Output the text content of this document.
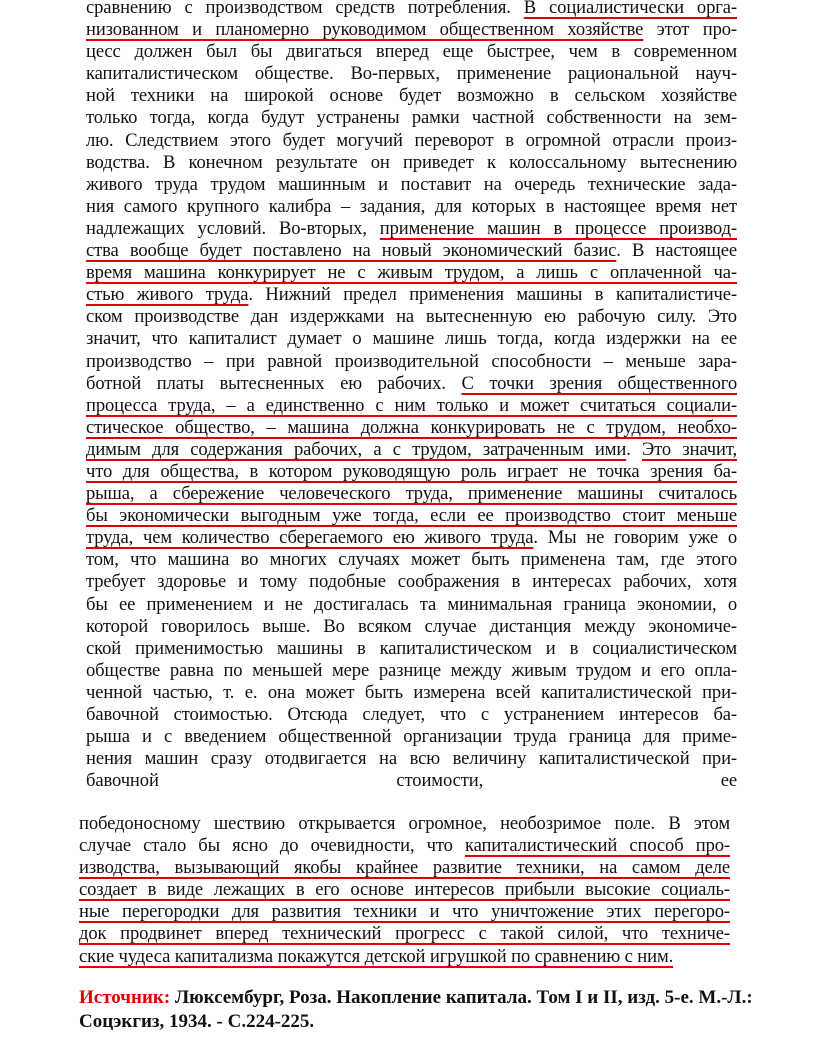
сравнению с производством средств потребления. В социалистически орга-
низованном и планомерно руководимом общественном хозяйстве этот про-
цесс должен был бы двигаться вперед еще быстрее, чем в современном
капиталистическом обществе. Во-первых, применение рациональной науч-
ной техники на широкой основе будет возможно в сельском хозяйстве
только тогда, когда будут устранены рамки частной собственности на зем-
лю. Следствием этого будет могучий переворот в огромной отрасли произ-
водства. В конечном результате он приведет к колоссальному вытеснению
живого труда трудом машинным и поставит на очередь технические зада-
ния самого крупного калибра – задания, для которых в настоящее время нет
надлежащих условий. Во-вторых, применение машин в процессе производ-
ства вообще будет поставлено на новый экономический базис. В настоящее
время машина конкурирует не с живым трудом, а лишь с оплаченной ча-
стью живого труда. Нижний предел применения машины в капиталистиче-
ском производстве дан издержками на вытесненную ею рабочую силу. Это
значит, что капиталист думает о машине лишь тогда, когда издержки на ее
производство – при равной производительной способности – меньше зара-
ботной платы вытесненных ею рабочих. С точки зрения общественного
процесса труда, – а единственно с ним только и может считаться социали-
стическое общество, – машина должна конкурировать не с трудом, необхо-
димым для содержания рабочих, а с трудом, затраченным ими. Это значит,
что для общества, в котором руководящую роль играет не точка зрения ба-
рыша, а сбережение человеческого труда, применение машины считалось
бы экономически выгодным уже тогда, если ее производство стоит меньше
труда, чем количество сберегаемого ею живого труда. Мы не говорим уже о
том, что машина во многих случаях может быть применена там, где этого
требует здоровье и тому подобные соображения в интересах рабочих, хотя
бы ее применением и не достигалась та минимальная граница экономии, о
которой говорилось выше. Во всяком случае дистанция между экономиче-
ской применимостью машины в капиталистическом и в социалистическом
обществе равна по меньшей мере разнице между живым трудом и его опла-
ченной частью, т. е. она может быть измерена всей капиталистической при-
бавочной стоимостью. Отсюда следует, что с устранением интересов ба-
рыша и с введением общественной организации труда граница для приме-
нения машин сразу отодвигается на всю величину капиталистической при-
бавочной стоимости, ее
победоносному шествию открывается огромное, необозримое поле. В этом
случае стало бы ясно до очевидности, что капиталистический способ про-
изводства, вызывающий якобы крайнее развитие техники, на самом деле
создает в виде лежащих в его основе интересов прибыли высокие социаль-
ные перегородки для развития техники и что уничтожение этих перегоро-
док продвинет вперед технический прогресс с такой силой, что техниче-
ские чудеса капитализма покажутся детской игрушкой по сравнению с ним.
Источник: Люксембург, Роза. Накопление капитала. Том I и II, изд. 5-е. М.-Л.: Соцэкгиз, 1934. - С.224-225.
